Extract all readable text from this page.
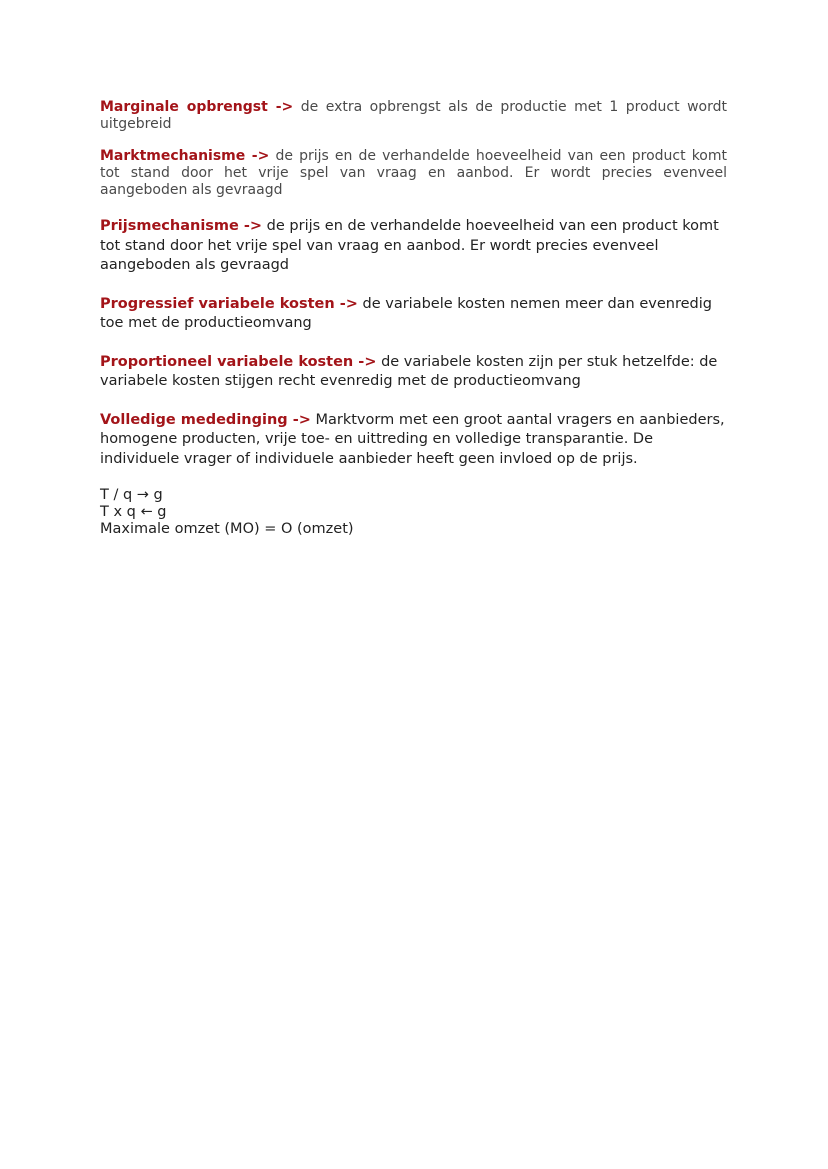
Marginale opbrengst -> de extra opbrengst als de productie met 1 product wordt uitgebreid

Marktmechanisme -> de prijs en de verhandelde hoeveelheid van een product komt tot stand door het vrije spel van vraag en aanbod. Er wordt precies evenveel aangeboden als gevraagd

Prijsmechanisme -> de prijs en de verhandelde hoeveelheid van een product komt tot stand door het vrije spel van vraag en aanbod. Er wordt precies evenveel aangeboden als gevraagd

Progressief variabele kosten -> de variabele kosten nemen meer dan evenredig toe met de productieomvang

Proportioneel variabele kosten -> de variabele kosten zijn per stuk hetzelfde: de variabele kosten stijgen recht evenredig met de productieomvang

Volledige mededinging -> Marktvorm met een groot aantal vragers en aanbieders, homogene producten, vrije toe- en uittreding en volledige transparantie. De individuele vrager of individuele aanbieder heeft geen invloed op de prijs.

T / q → g
T x q ← g
Maximale omzet (MO) = O (omzet)
